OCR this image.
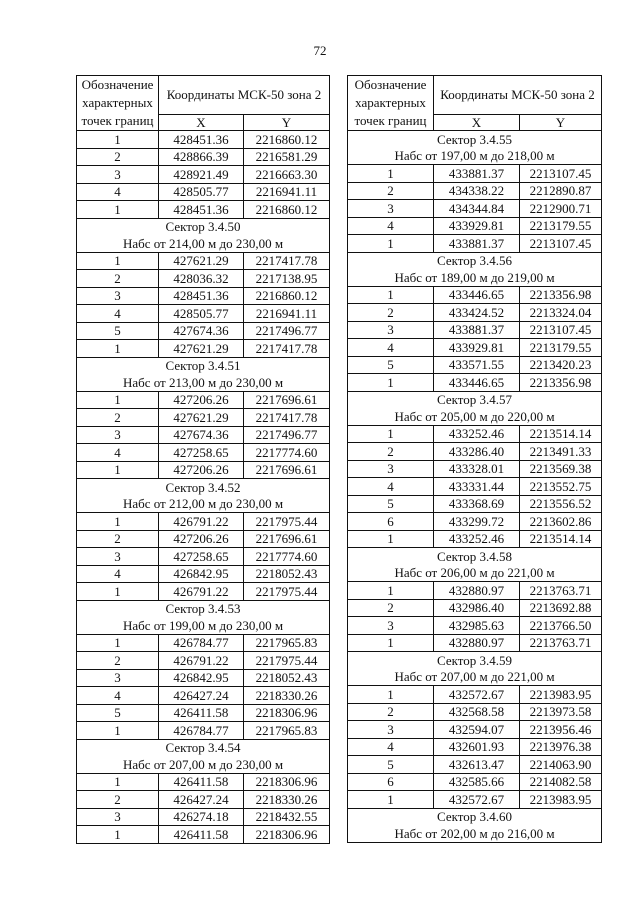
72
Обозначение характерных точек границ	Координаты МСК-50 зона 2	
	X	Y
1	428451.36	2216860.12
2	428866.39	2216581.29
3	428921.49	2216663.30
4	428505.77	2216941.11
1	428451.36	2216860.12
Сектор 3.4.50		
Набс от 214,00 м до 230,00 м		
1	427621.29	2217417.78
2	428036.32	2217138.95
3	428451.36	2216860.12
4	428505.77	2216941.11
5	427674.36	2217496.77
1	427621.29	2217417.78
Сектор 3.4.51		
Набс от 213,00 м до 230,00 м		
1	427206.26	2217696.61
2	427621.29	2217417.78
3	427674.36	2217496.77
4	427258.65	2217774.60
1	427206.26	2217696.61
Сектор 3.4.52		
Набс от 212,00 м до 230,00 м		
1	426791.22	2217975.44
2	427206.26	2217696.61
3	427258.65	2217774.60
4	426842.95	2218052.43
1	426791.22	2217975.44
Сектор 3.4.53		
Набс от 199,00 м до 230,00 м		
1	426784.77	2217965.83
2	426791.22	2217975.44
3	426842.95	2218052.43
4	426427.24	2218330.26
5	426411.58	2218306.96
1	426784.77	2217965.83
Сектор 3.4.54		
Набс от 207,00 м до 230,00 м		
1	426411.58	2218306.96
2	426427.24	2218330.26
3	426274.18	2218432.55
1	426411.58	2218306.96
Обозначение характерных точек границ	Координаты МСК-50 зона 2	
	X	Y
Сектор 3.4.55		
Набс от 197,00 м до 218,00 м		
1	433881.37	2213107.45
2	434338.22	2212890.87
3	434344.84	2212900.71
4	433929.81	2213179.55
1	433881.37	2213107.45
Сектор 3.4.56		
Набс от 189,00 м до 219,00 м		
1	433446.65	2213356.98
2	433424.52	2213324.04
3	433881.37	2213107.45
4	433929.81	2213179.55
5	433571.55	2213420.23
1	433446.65	2213356.98
Сектор 3.4.57		
Набс от 205,00 м до 220,00 м		
1	433252.46	2213514.14
2	433286.40	2213491.33
3	433328.01	2213569.38
4	433331.44	2213552.75
5	433368.69	2213556.52
6	433299.72	2213602.86
1	433252.46	2213514.14
Сектор 3.4.58		
Набс от 206,00 м до 221,00 м		
1	432880.97	2213763.71
2	432986.40	2213692.88
3	432985.63	2213766.50
1	432880.97	2213763.71
Сектор 3.4.59		
Набс от 207,00 м до 221,00 м		
1	432572.67	2213983.95
2	432568.58	2213973.58
3	432594.07	2213956.46
4	432601.93	2213976.38
5	432613.47	2214063.90
6	432585.66	2214082.58
1	432572.67	2213983.95
Сектор 3.4.60		
Набс от 202,00 м до 216,00 м		
